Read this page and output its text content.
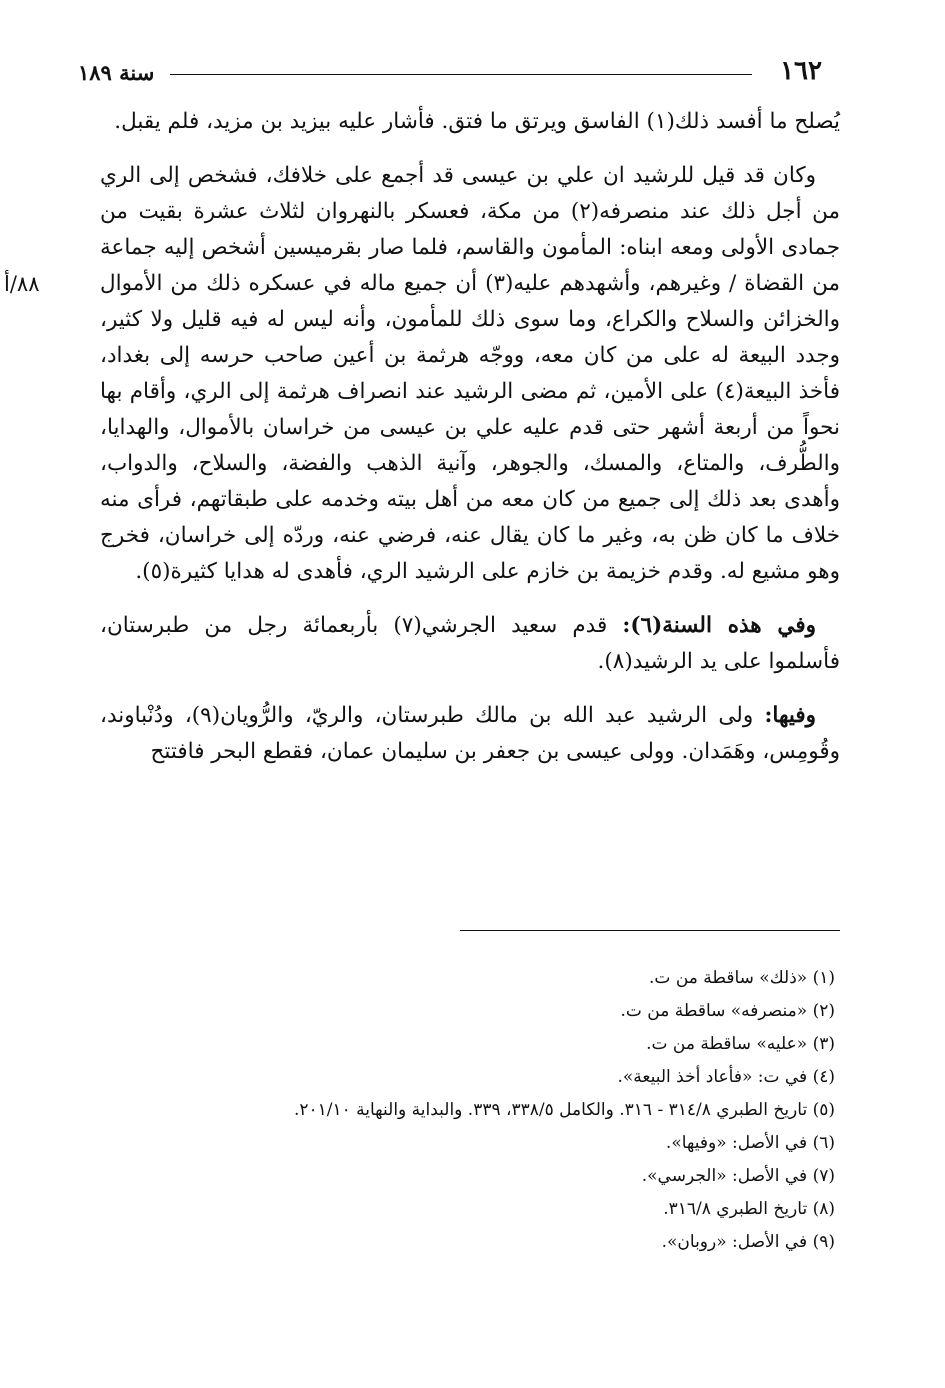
١٦٢
سنة ١٨٩

يُصلح ما أفسد ذلك(١) الفاسق ويرتق ما فتق. فأشار عليه بيزيد بن مزيد، فلم يقبل.

وكان قد قيل للرشيد ان علي بن عيسى قد أجمع على خلافك، فشخص إلى الري من أجل ذلك عند منصرفه(٢) من مكة، فعسكر بالنهروان لثلاث عشرة بقيت من جمادى الأولى ومعه ابناه: المأمون والقاسم، فلما صار بقرميسين أشخص إليه جماعة من القضاة / وغيرهم، وأشهدهم عليه(٣) أن جميع ماله في عسكره ذلك من الأموال والخزائن والسلاح والكراع، وما سوى ذلك للمأمون، وأنه ليس له فيه قليل ولا كثير، وجدد البيعة له على من كان معه، ووجّه هرثمة بن أعين صاحب حرسه إلى بغداد، فأخذ البيعة(٤) على الأمين، ثم مضى الرشيد عند انصراف هرثمة إلى الري، وأقام بها نحواً من أربعة أشهر حتى قدم عليه علي بن عيسى من خراسان بالأموال، والهدايا، والطُّرف، والمتاع، والمسك، والجوهر، وآنية الذهب والفضة، والسلاح، والدواب، وأهدى بعد ذلك إلى جميع من كان معه من أهل بيته وخدمه على طبقاتهم، فرأى منه خلاف ما كان ظن به، وغير ما كان يقال عنه، فرضي عنه، وردّه إلى خراسان، فخرج وهو مشيع له. وقدم خزيمة بن خازم على الرشيد الري، فأهدى له هدايا كثيرة(٥).
٨٨/أ

وفي هذه السنة(٦): قدم سعيد الجرشي(٧) بأربعمائة رجل من طبرستان، فأسلموا على يد الرشيد(٨).

وفيها: ولى الرشيد عبد الله بن مالك طبرستان، والريّ، والرُّويان(٩)، ودُنْباوند، وقُومِس، وهَمَدان. وولى عيسى بن جعفر بن سليمان عمان، فقطع البحر فافتتح

(١) «ذلك» ساقطة من ت.
(٢) «منصرفه» ساقطة من ت.
(٣) «عليه» ساقطة من ت.
(٤) في ت: «فأعاد أخذ البيعة».
(٥) تاريخ الطبري ٣١٤/٨ - ٣١٦. والكامل ٣٣٨/٥، ٣٣٩. والبداية والنهاية ٢٠١/١٠.
(٦) في الأصل: «وفيها».
(٧) في الأصل: «الجرسي».
(٨) تاريخ الطبري ٣١٦/٨.
(٩) في الأصل: «روبان».
